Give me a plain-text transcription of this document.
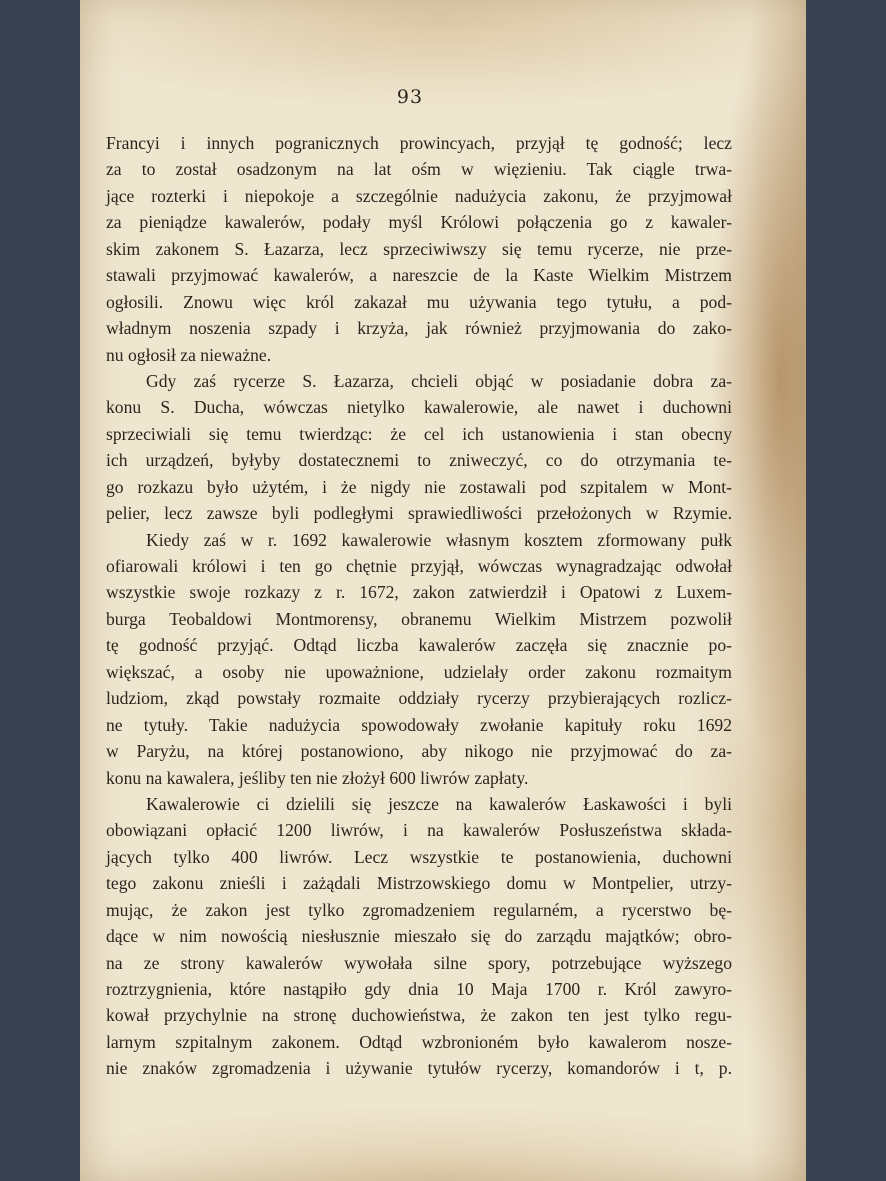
93
Francyi i innych pogranicznych prowincyach, przyjął tę godność; lecz
za to został osadzonym na lat ośm w więzieniu. Tak ciągle trwa-
jące rozterki i niepokoje a szczególnie nadużycia zakonu, że przyjmował
za pieniądze kawalerów, podały myśl Królowi połączenia go z kawaler-
skim zakonem S. Łazarza, lecz sprzeciwiwszy się temu rycerze, nie prze-
stawali przyjmować kawalerów, a nareszcie de la Kaste Wielkim Mistrzem
ogłosili. Znowu więc król zakazał mu używania tego tytułu, a pod-
władnym noszenia szpady i krzyża, jak również przyjmowania do zako-
nu ogłosił za nieważne.
Gdy zaś rycerze S. Łazarza, chcieli objąć w posiadanie dobra za-
konu S. Ducha, wówczas nietylko kawalerowie, ale nawet i duchowni
sprzeciwiali się temu twierdząc: że cel ich ustanowienia i stan obecny
ich urządzeń, byłyby dostatecznemi to zniweczyć, co do otrzymania te-
go rozkazu było użytém, i że nigdy nie zostawali pod szpitalem w Mont-
pelier, lecz zawsze byli podległymi sprawiedliwości przełożonych w Rzymie.
Kiedy zaś w r. 1692 kawalerowie własnym kosztem zformowany pułk
ofiarowali królowi i ten go chętnie przyjął, wówczas wynagradzając odwołał
wszystkie swoje rozkazy z r. 1672, zakon zatwierdził i Opatowi z Luxem-
burga Teobaldowi Montmorensy, obranemu Wielkim Mistrzem pozwolił
tę godność przyjąć. Odtąd liczba kawalerów zaczęła się znacznie po-
większać, a osoby nie upoważnione, udzielały order zakonu rozmaitym
ludziom, zkąd powstały rozmaite oddziały rycerzy przybierających rozlicz-
ne tytuły. Takie nadużycia spowodowały zwołanie kapituły roku 1692
w Paryżu, na której postanowiono, aby nikogo nie przyjmować do za-
konu na kawalera, jeśliby ten nie złożył 600 liwrów zapłaty.
Kawalerowie ci dzielili się jeszcze na kawalerów Łaskawości i byli
obowiązani opłacić 1200 liwrów, i na kawalerów Posłuszeństwa składa-
jących tylko 400 liwrów. Lecz wszystkie te postanowienia, duchowni
tego zakonu znieśli i zażądali Mistrzowskiego domu w Montpelier, utrzy-
mując, że zakon jest tylko zgromadzeniem regularném, a rycerstwo bę-
dące w nim nowością niesłusznie mieszało się do zarządu majątków; obro-
na ze strony kawalerów wywołała silne spory, potrzebujące wyższego
roztrzygnienia, które nastąpiło gdy dnia 10 Maja 1700 r. Król zawyro-
kował przychylnie na stronę duchowieństwa, że zakon ten jest tylko regu-
larnym szpitalnym zakonem. Odtąd wzbronioném było kawalerom nosze-
nie znaków zgromadzenia i używanie tytułów rycerzy, komandorów i t, p.
